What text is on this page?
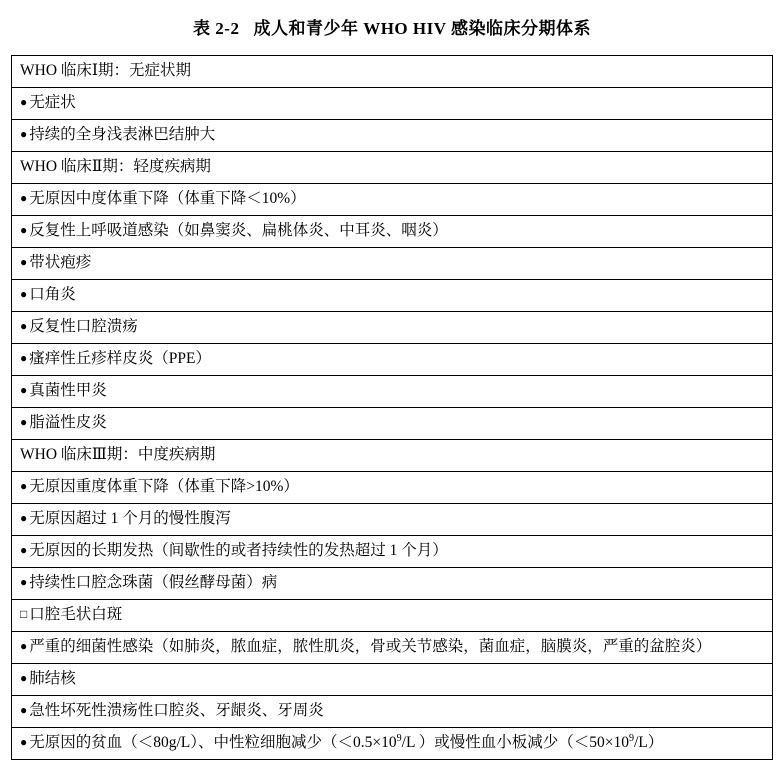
表 2-2 成人和青少年 WHO HIV 感染临床分期体系
WHO 临床Ⅰ期：无症状期
● 无症状
● 持续的全身浅表淋巴结肿大
WHO 临床Ⅱ期：轻度疾病期
● 无原因中度体重下降（体重下降＜10%）
● 反复性上呼吸道感染（如鼻窦炎、扁桃体炎、中耳炎、咽炎）
● 带状疱疹
● 口角炎
● 反复性口腔溃疡
● 瘙痒性丘疹样皮炎（PPE）
● 真菌性甲炎
● 脂溢性皮炎
WHO 临床Ⅲ期：中度疾病期
● 无原因重度体重下降（体重下降>10%）
● 无原因超过 1 个月的慢性腹泻
● 无原因的长期发热（间歇性的或者持续性的发热超过 1 个月）
● 持续性口腔念珠菌（假丝酵母菌）病
□ 口腔毛状白斑
● 严重的细菌性感染（如肺炎，脓血症，脓性肌炎，骨或关节感染，菌血症，脑膜炎，严重的盆腔炎）
● 肺结核
● 急性坏死性溃疡性口腔炎、牙龈炎、牙周炎
● 无原因的贫血（＜80g/L）、中性粒细胞减少（$<0.5\times 10^9/L$ ）或慢性血小板减少$(<50\times 10^9/L)$
